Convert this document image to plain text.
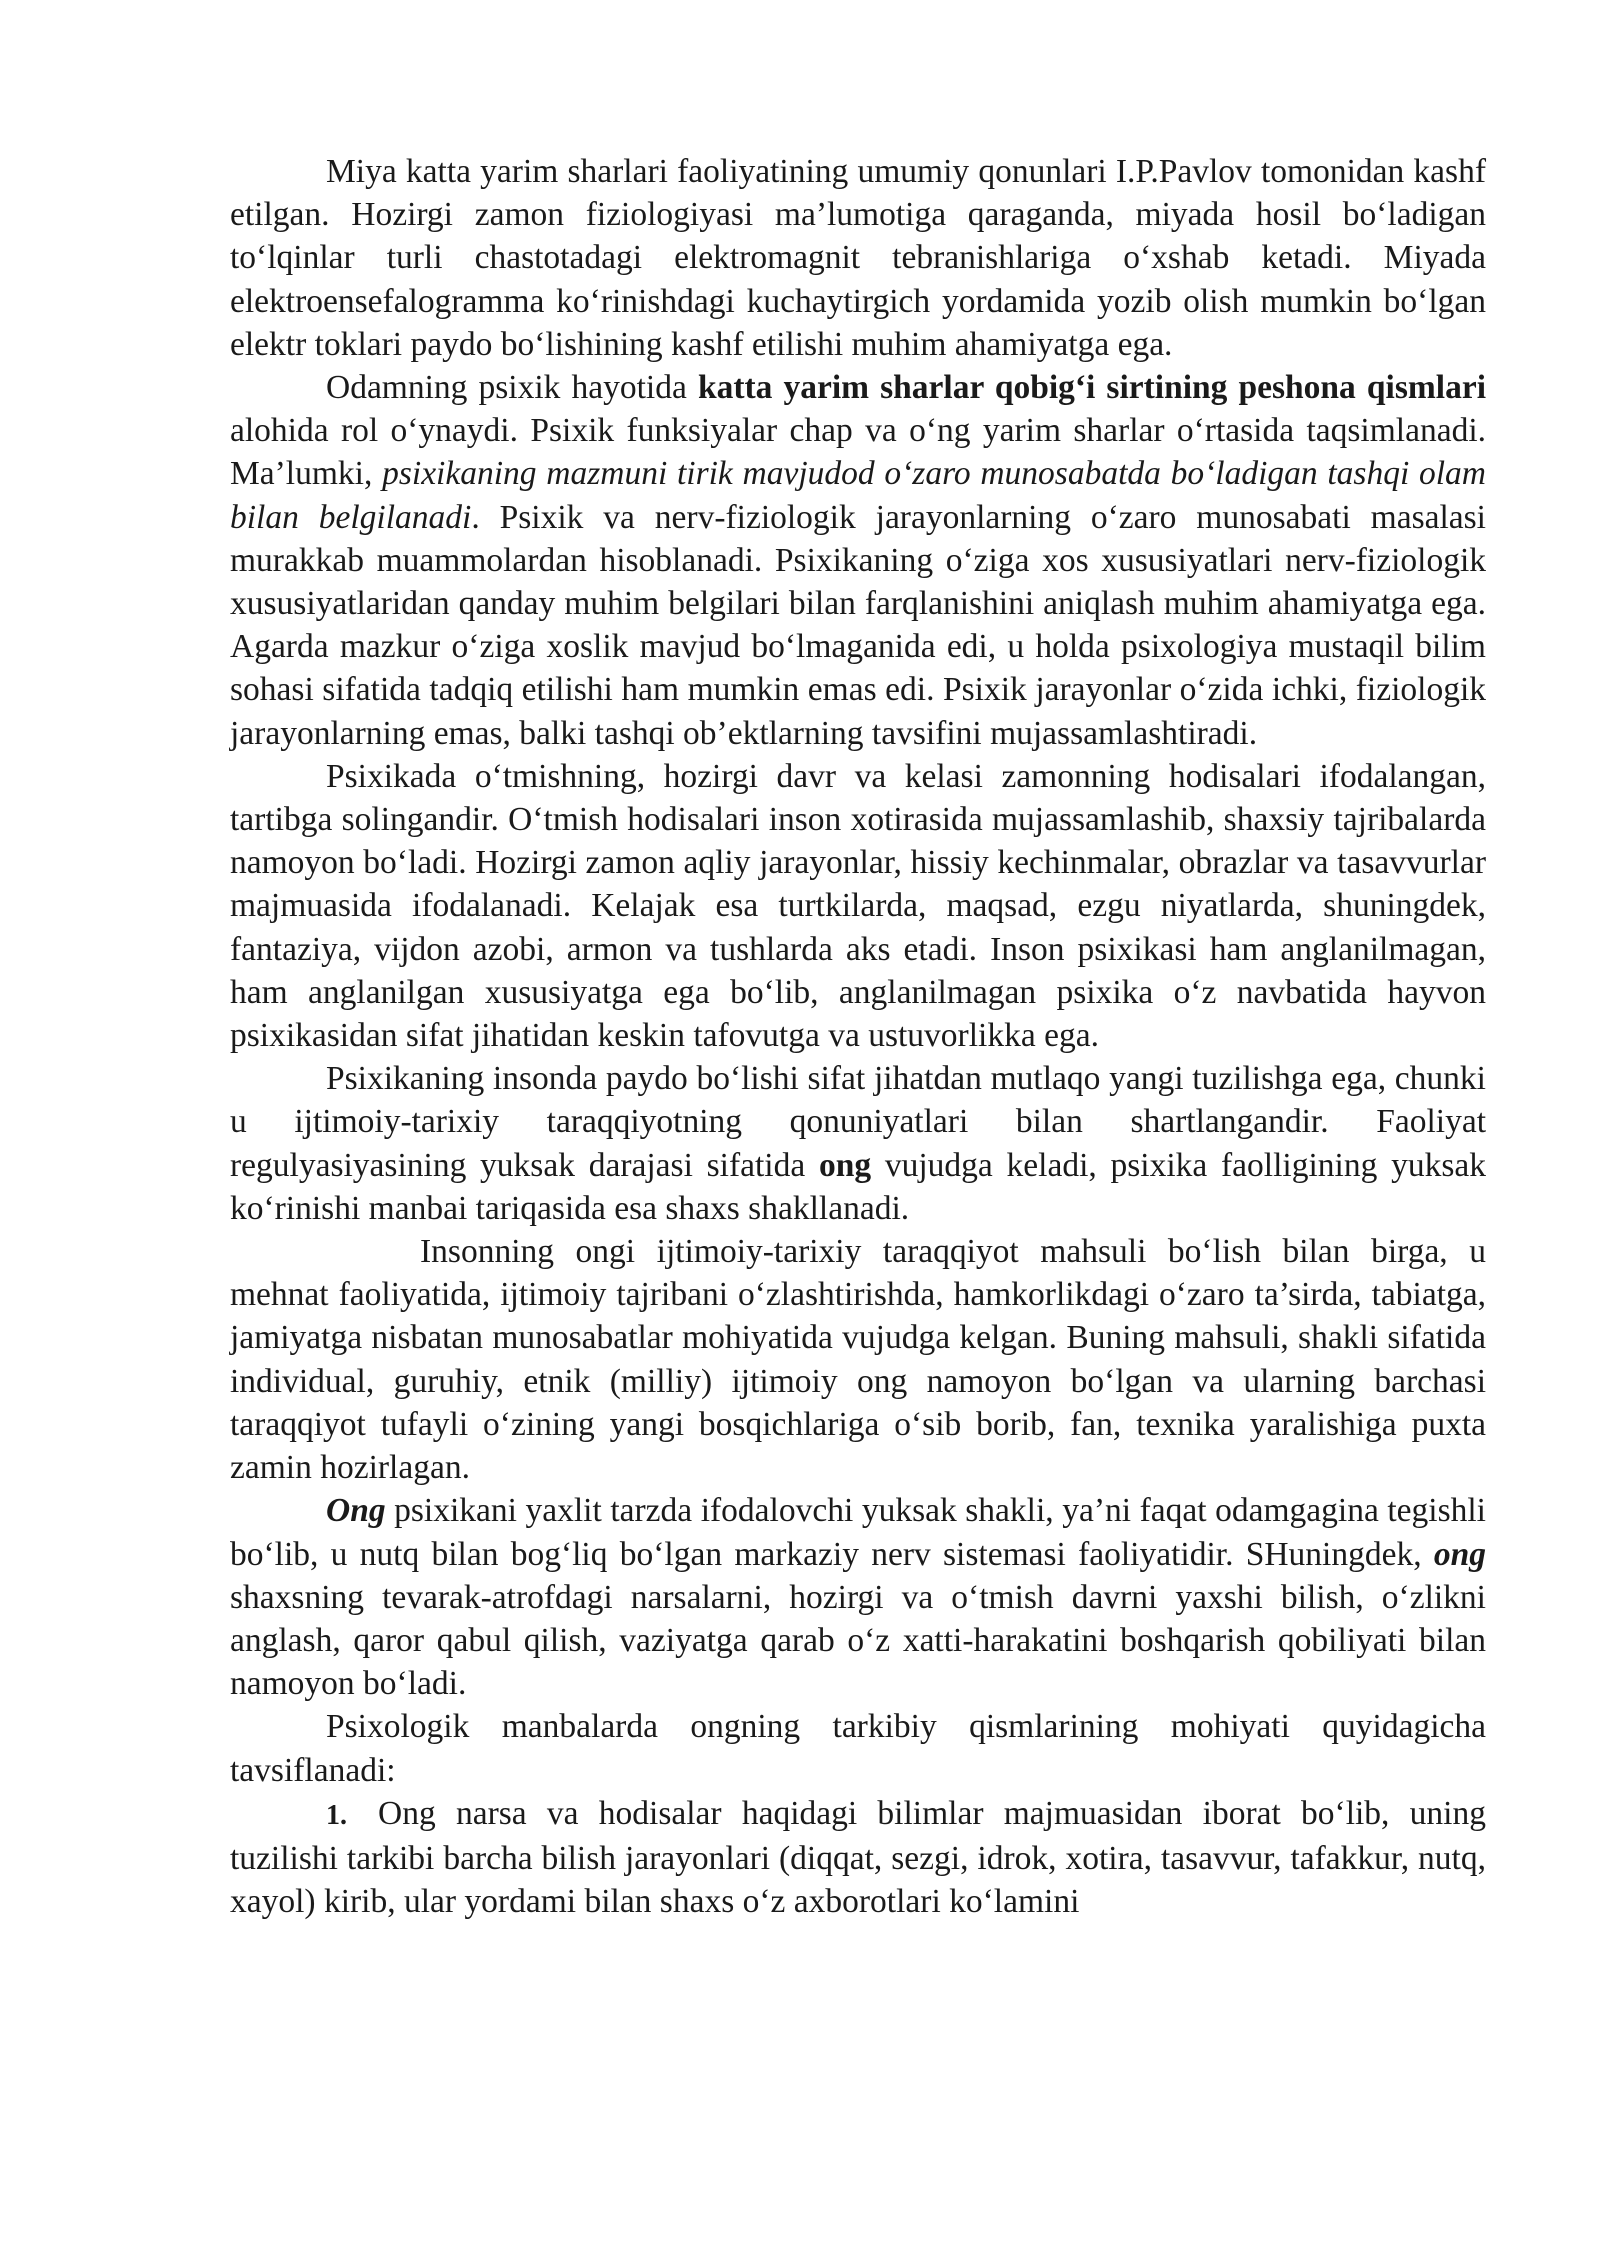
Miya katta yarim sharlari faoliyatining umumiy qonunlari I.P.Pavlov tomonidan kashf etilgan. Hozirgi zamon fiziologiyasi ma’lumotiga qaraganda, miyada hosil bo‘ladigan to‘lqinlar turli chastotadagi elektromagnit tebranishlariga o‘xshab ketadi. Miyada elektroensefalogramma ko‘rinishdagi kuchaytirgich yordamida yozib olish mumkin bo‘lgan elektr toklari paydo bo‘lishining kashf etilishi muhim ahamiyatga ega.

Odamning psixik hayotida katta yarim sharlar qobig‘i sirtining peshona qismlari alohida rol o‘ynaydi. Psixik funksiyalar chap va o‘ng yarim sharlar o‘rtasida taqsimlanadi. Ma’lumki, psixikaning mazmuni tirik mavjudod o‘zaro munosabatda bo‘ladigan tashqi olam bilan belgilanadi. Psixik va nerv-fiziologik jarayonlarning o‘zaro munosabati masalasi murakkab muammolardan hisoblanadi. Psixikaning o‘ziga xos xususiyatlari nerv-fiziologik xususiyatlaridan qanday muhim belgilari bilan farqlanishini aniqlash muhim ahamiyatga ega. Agarda mazkur o‘ziga xoslik mavjud bo‘lmaganida edi, u holda psixologiya mustaqil bilim sohasi sifatida tadqiq etilishi ham mumkin emas edi. Psixik jarayonlar o‘zida ichki, fiziologik jarayonlarning emas, balki tashqi ob’ektlarning tavsifini mujassamlashtiradi.

Psixikada o‘tmishning, hozirgi davr va kelasi zamonning hodisalari ifodalangan, tartibga solingandir. O‘tmish hodisalari inson xotirasida mujassamlashib, shaxsiy tajribalarda namoyon bo‘ladi. Hozirgi zamon aqliy jarayonlar, hissiy kechinmalar, obrazlar va tasavvurlar majmuasida ifodalanadi. Kelajak esa turtkilarda, maqsad, ezgu niyatlarda, shuningdek, fantaziya, vijdon azobi, armon va tushlarda aks etadi. Inson psixikasi ham anglanilmagan, ham anglanilgan xususiyatga ega bo‘lib, anglanilmagan psixika o‘z navbatida hayvon psixikasidan sifat jihatidan keskin tafovutga va ustuvorlikka ega.

Psixikaning insonda paydo bo‘lishi sifat jihatdan mutlaqo yangi tuzilishga ega, chunki u ijtimoiy-tarixiy taraqqiyotning qonuniyatlari bilan shartlangandir. Faoliyat regulyasiyasining yuksak darajasi sifatida ong vujudga keladi, psixika faolligining yuksak ko‘rinishi manbai tariqasida esa shaxs shakllanadi.

Insonning ongi ijtimoiy-tarixiy taraqqiyot mahsuli bo‘lish bilan birga, u mehnat faoliyatida, ijtimoiy tajribani o‘zlashtirishda, hamkorlikdagi o‘zaro ta’sirda, tabiatga, jamiyatga nisbatan munosabatlar mohiyatida vujudga kelgan. Buning mahsuli, shakli sifatida individual, guruhiy, etnik (milliy) ijtimoiy ong namoyon bo‘lgan va ularning barchasi taraqqiyot tufayli o‘zining yangi bosqichlariga o‘sib borib, fan, texnika yaralishiga puxta zamin hozirlagan.

Ong psixikani yaxlit tarzda ifodalovchi yuksak shakli, ya’ni faqat odamgagina tegishli bo‘lib, u nutq bilan bog‘liq bo‘lgan markaziy nerv sistemasi faoliyatidir. SHuningdek, ong shaxsning tevarak-atrofdagi narsalarni, hozirgi va o‘tmish davrni yaxshi bilish, o‘zlikni anglash, qaror qabul qilish, vaziyatga qarab o‘z xatti-harakatini boshqarish qobiliyati bilan namoyon bo‘ladi.

Psixologik manbalarda ongning tarkibiy qismlarining mohiyati quyidagicha tavsiflanadi:

1. Ong narsa va hodisalar haqidagi bilimlar majmuasidan iborat bo‘lib, uning tuzilishi tarkibi barcha bilish jarayonlari (diqqat, sezgi, idrok, xotira, tasavvur, tafakkur, nutq, xayol) kirib, ular yordami bilan shaxs o‘z axborotlari ko‘lamini
